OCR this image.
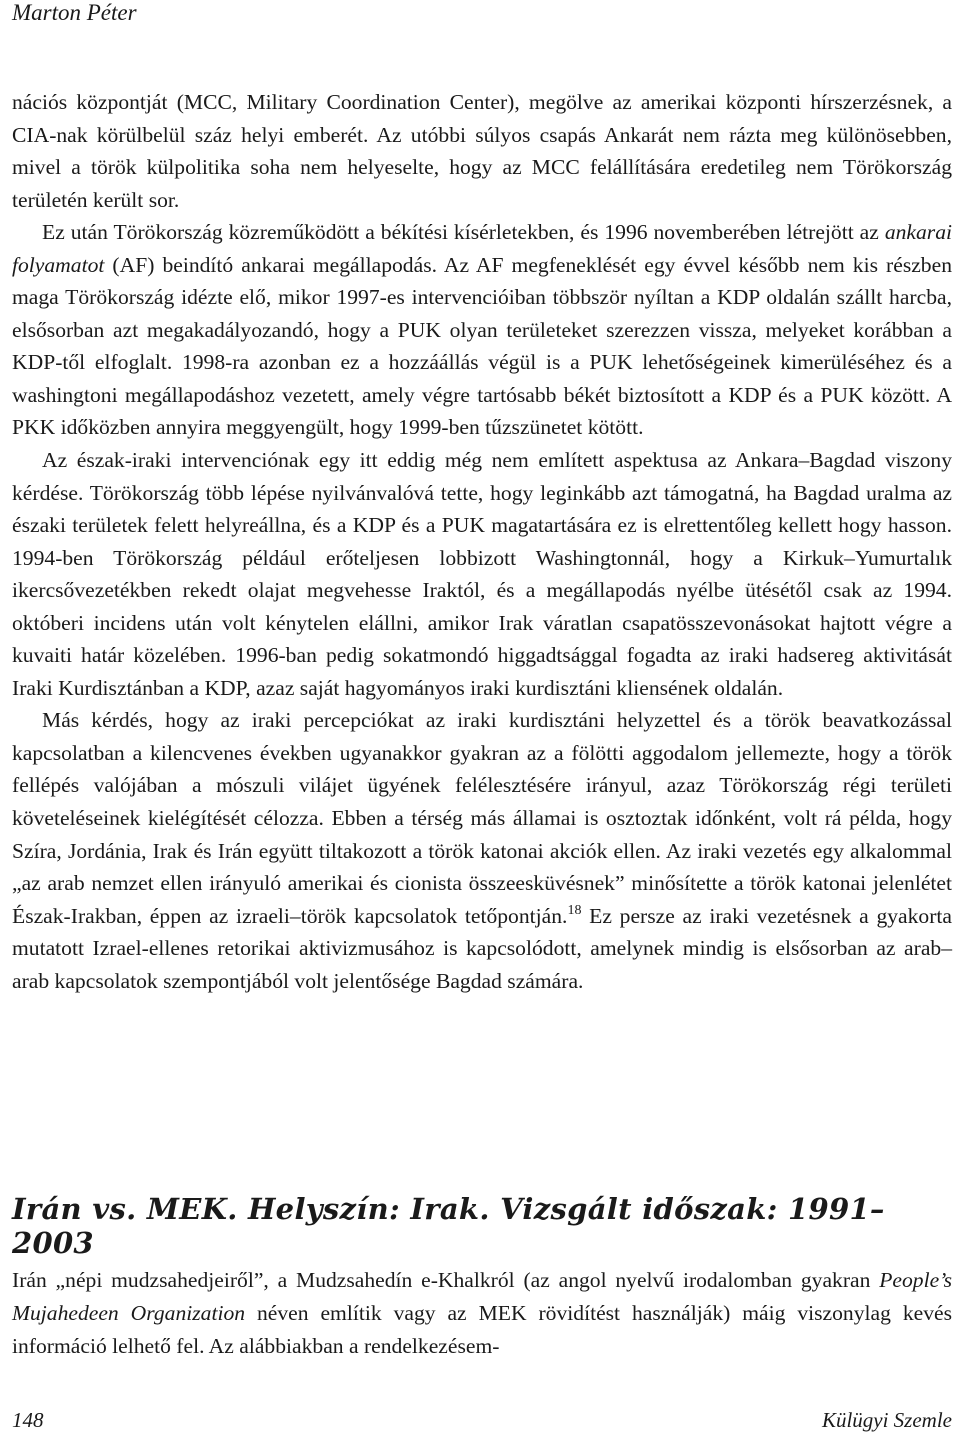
Marton Péter

nációs központját (MCC, Military Coordination Center), megölve az amerikai központi hírszerzésnek, a CIA-nak körülbelül száz helyi emberét. Az utóbbi súlyos csapás Ankarát nem rázta meg különösebben, mivel a török külpolitika soha nem helyeselte, hogy az MCC felállítására eredetileg nem Törökország területén került sor.

Ez után Törökország közreműködött a békítési kísérletekben, és 1996 novemberében létrejött az ankarai folyamatot (AF) beindító ankarai megállapodás. Az AF megfeneklését egy évvel később nem kis részben maga Törökország idézte elő, mikor 1997-es intervencióiban többször nyíltan a KDP oldalán szállt harcba, elsősorban azt megakadályozandó, hogy a PUK olyan területeket szerezzen vissza, melyeket korábban a KDP-től elfoglalt. 1998-ra azonban ez a hozzáállás végül is a PUK lehetőségeinek kimerüléséhez és a washingtoni megállapodáshoz vezetett, amely végre tartósabb békét biztosított a KDP és a PUK között. A PKK időközben annyira meggyengült, hogy 1999-ben tűzszünetet kötött.

Az észak-iraki intervenciónak egy itt eddig még nem említett aspektusa az Ankara–Bagdad viszony kérdése. Törökország több lépése nyilvánvalóvá tette, hogy leginkább azt támogatná, ha Bagdad uralma az északi területek felett helyreállna, és a KDP és a PUK magatartására ez is elrettentőleg kellett hogy hasson. 1994-ben Törökország például erőteljesen lobbizott Washingtonnál, hogy a Kirkuk–Yumurtalık ikercsővezetékben rekedt olajat megvehesse Iraktól, és a megállapodás nyélbe ütésétől csak az 1994. októberi incidens után volt kénytelen elállni, amikor Irak váratlan csapatösszevonásokat hajtott végre a kuvaiti határ közelében. 1996-ban pedig sokatmondó higgadtsággal fogadta az iraki hadsereg aktivitását Iraki Kurdisztánban a KDP, azaz saját hagyományos iraki kurdisztáni kliensének oldalán.

Más kérdés, hogy az iraki percepciókat az iraki kurdisztáni helyzettel és a török beavatkozással kapcsolatban a kilencvenes években ugyanakkor gyakran az a fölötti aggodalom jellemezte, hogy a török fellépés valójában a mószuli vilájet ügyének felélesztésére irányul, azaz Törökország régi területi követeléseinek kielégítését célozza. Ebben a térség más államai is osztoztak időnként, volt rá példa, hogy Szíra, Jordánia, Irak és Irán együtt tiltakozott a török katonai akciók ellen. Az iraki vezetés egy alkalommal „az arab nemzet ellen irányuló amerikai és cionista összeesküvésnek” minősítette a török katonai jelenlétet Észak-Irakban, éppen az izraeli–török kapcsolatok tetőpontján.$^{18}$ Ez persze az iraki vezetésnek a gyakorta mutatott Izrael-ellenes retorikai aktivizmusához is kapcsolódott, amelynek mindig is elsősorban az arab–arab kapcsolatok szempontjából volt jelentősége Bagdad számára.

Irán vs. MEK. Helyszín: Irak. Vizsgált időszak: 1991–2003

Irán „népi mudzsahedjeiről”, a Mudzsahedín e-Khalkról (az angol nyelvű irodalomban gyakran People’s Mujahedeen Organization néven említik vagy az MEK rövidítést használják) máig viszonylag kevés információ lelhető fel. Az alábbiakban a rendelkezésem-

148	Külügyi Szemle
